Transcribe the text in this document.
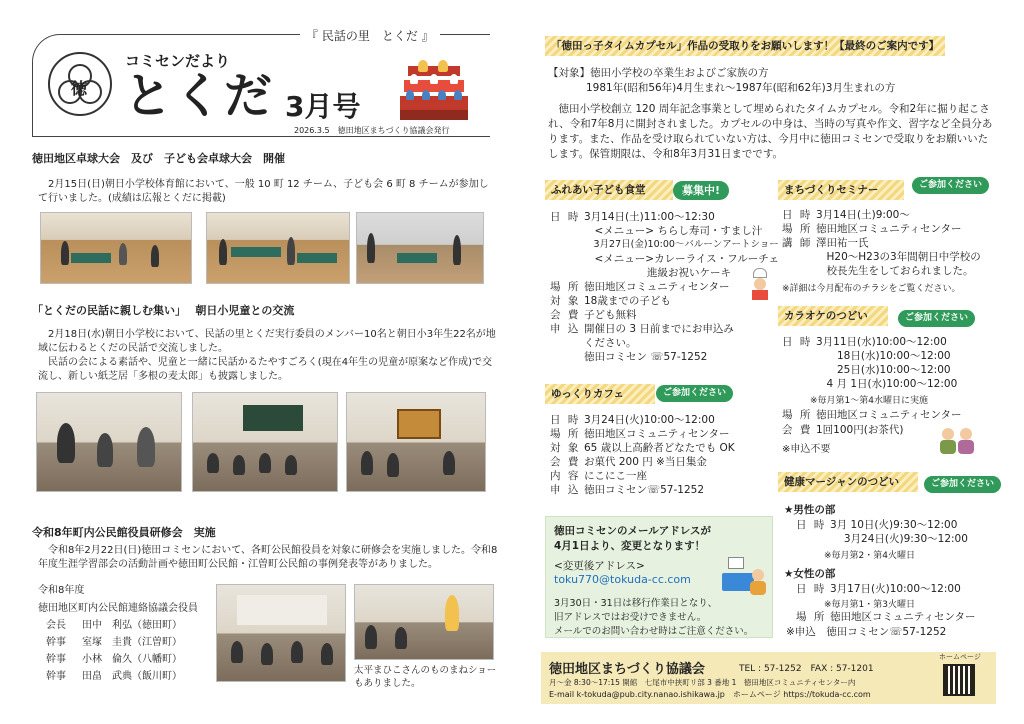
『 民話の里　とくだ 』
徳
コミセンだより
とくだ 3月号
2026.3.5　徳田地区まちづくり協議会発行
徳田地区卓球大会　及び　子ども会卓球大会　開催
　2月15日(日)朝日小学校体育館において、一般 10 町 12 チーム、子ども会 6 町 8 チームが参加して行いました。(成績は広報とくだに掲載)
「とくだの民話に親しむ集い」　 朝日小児童との交流
　2月18日(水)朝日小学校において、民話の里とくだ実行委員のメンバー10名と朝日小3年生22名が地域に伝わるとくだの民話で交流しました。
　民話の会による素話や、児童と一緒に民話かるたやすごろく(現在4年生の児童が原案など作成)で交流し、新しい紙芝居「多根の麦太郎」も披露しました。
令和8年町内公民館役員研修会　実施
　令和8年2月22日(日)徳田コミセンにおいて、各町公民館役員を対象に研修会を実施しました。令和8年度生涯学習部会の活動計画や徳田町公民館・江曽町公民館の事例発表等がありました。
令和8年度
徳田地区町内公民館連絡協議会役員
会長	田中　利弘（徳田町）
幹事	室塚　圭貴（江曽町）
幹事	小林　倫久（八幡町）
幹事	田畠　武典（飯川町）
太平まひこさんのものまねショーもありました。
「徳田っ子タイムカプセル」作品の受取りをお願いします！【最終のご案内です】
【対象】徳田小学校の卒業生およびご家族の方
1981年(昭和56年)4月生まれ～1987年(昭和62年)3月生まれの方
　徳田小学校創立 120 周年記念事業として埋められたタイムカプセル。令和2年に掘り起こされ、令和7年8月に開封されました。カプセルの中身は、当時の写真や作文、習字など全員分あります。また、作品を受け取られていない方は、今月中に徳田コミセンで受取りをお願いいたします。保管期限は、令和8年3月31日までです。
ふれあい子ども食堂	募集中!
日 時 3月14日(土)11:00～12:30
　<メニュー> ちらし寿司・すまし汁
　3月27日(金)10:00～バルーンアートショー
　<メニュー>カレーライス・フルーチェ
　　　　　　進級お祝いケーキ
場 所 徳田地区コミュニティセンター
対 象 18歳までの子ども
会 費 子ども無料
申 込 開催日の 3 日前までにお申込み
ください。
徳田コミセン ☏57-1252
ゆっくりカフェ	ご参加ください
日 時 3月24日(火)10:00～12:00
場 所 徳田地区コミュニティセンター
対 象 65 歳以上高齢者どなたでも OK
会 費 お菓代 200 円 ※当日集金
内 容 にこにこ一座
申 込 徳田コミセン☏57-1252
徳田コミセンのメールアドレスが
4月1日より、変更となります！
<変更後アドレス>
toku770@tokuda-cc.com
3月30日・31日は移行作業日となり、
旧アドレスではお受けできません。
メールでのお問い合わせ時はご注意ください。
まちづくりセミナー	ご参加ください
日 時 3月14日(土)9:00～
場 所 徳田地区コミュニティセンター
講 師 澤田祐一氏
　H20～H23の3年間朝日中学校の
　校長先生をしておられました。
※詳細は今月配布のチラシをご覧ください。
カラオケのつどい	ご参加ください
日 時 3月11日(水)10:00～12:00
　　18日(水)10:00～12:00
　　25日(水)10:00～12:00
　4 月 1日(水)10:00～12:00
※毎月第1～第4水曜日に実施
場 所 徳田地区コミュニティセンター
会 費 1回100円(お茶代)
※申込不要
健康マージャンのつどい	ご参加ください
★男性の部
日 時 3月 10日(火)9:30～12:00
　 3月24日(火)9:30～12:00
※毎月第2・第4火曜日
★女性の部
日 時 3月17日(火)10:00～12:00
※毎月第1・第3火曜日
場 所 徳田地区コミュニティセンター
※申込　徳田コミセン☏57-1252
徳田地区まちづくり協議会	TEL : 57-1252　FAX : 57-1201
月～金 8:30～17:15 開館　七尾市中挟町リ部 3 番地 1　徳田地区コミュニティセンター内
E-mail k-tokuda@pub.city.nanao.ishikawa.jp　ホームページ https://tokuda-cc.com
ホームページ
